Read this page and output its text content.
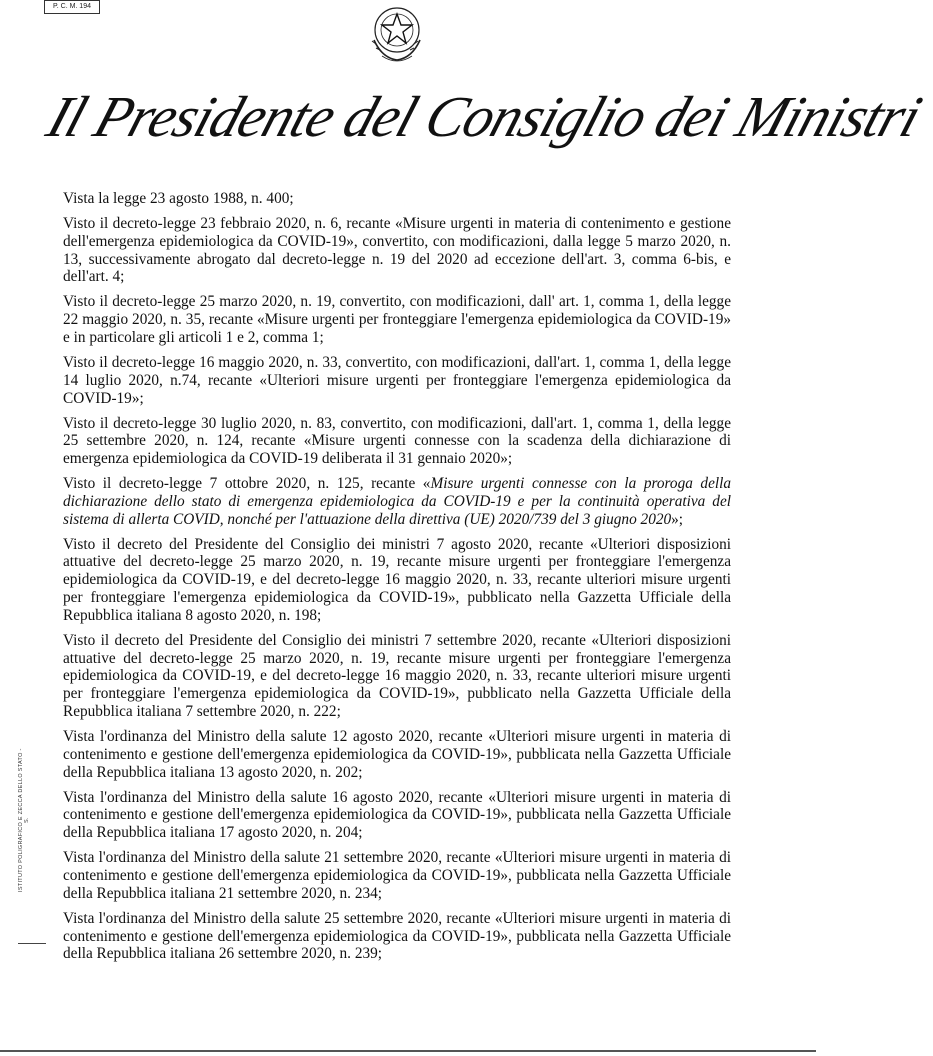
P. C. M. 194
Il Presidente del Consiglio dei Ministri
ISTITUTO POLIGRAFICO E ZECCA DELLO STATO - S.

Vista la legge 23 agosto 1988, n. 400;

Visto il decreto-legge 23 febbraio 2020, n. 6, recante «Misure urgenti in materia di contenimento e gestione dell'emergenza epidemiologica da COVID-19», convertito, con modificazioni, dalla legge 5 marzo 2020, n. 13, successivamente abrogato dal decreto-legge n. 19 del 2020 ad eccezione dell'art. 3, comma 6-bis, e dell'art. 4;

Visto il decreto-legge 25 marzo 2020, n. 19, convertito, con modificazioni, dall' art. 1, comma 1, della legge 22 maggio 2020, n. 35, recante «Misure urgenti per fronteggiare l'emergenza epidemiologica da COVID-19» e in particolare gli articoli 1 e 2, comma 1;

Visto il decreto-legge 16 maggio 2020, n. 33, convertito, con modificazioni, dall'art. 1, comma 1, della legge 14 luglio 2020, n.74, recante «Ulteriori misure urgenti per fronteggiare l'emergenza epidemiologica da COVID-19»;

Visto il decreto-legge 30 luglio 2020, n. 83, convertito, con modificazioni, dall'art. 1, comma 1, della legge 25 settembre 2020, n. 124, recante «Misure urgenti connesse con la scadenza della dichiarazione di emergenza epidemiologica da COVID-19 deliberata il 31 gennaio 2020»;

Visto il decreto-legge 7 ottobre 2020, n. 125, recante «Misure urgenti connesse con la proroga della dichiarazione dello stato di emergenza epidemiologica da COVID-19 e per la continuità operativa del sistema di allerta COVID, nonché per l'attuazione della direttiva (UE) 2020/739 del 3 giugno 2020»;

Visto il decreto del Presidente del Consiglio dei ministri 7 agosto 2020, recante «Ulteriori disposizioni attuative del decreto-legge 25 marzo 2020, n. 19, recante misure urgenti per fronteggiare l'emergenza epidemiologica da COVID-19, e del decreto-legge 16 maggio 2020, n. 33, recante ulteriori misure urgenti per fronteggiare l'emergenza epidemiologica da COVID-19», pubblicato nella Gazzetta Ufficiale della Repubblica italiana 8 agosto 2020, n. 198;

Visto il decreto del Presidente del Consiglio dei ministri 7 settembre 2020, recante «Ulteriori disposizioni attuative del decreto-legge 25 marzo 2020, n. 19, recante misure urgenti per fronteggiare l'emergenza epidemiologica da COVID-19, e del decreto-legge 16 maggio 2020, n. 33, recante ulteriori misure urgenti per fronteggiare l'emergenza epidemiologica da COVID-19», pubblicato nella Gazzetta Ufficiale della Repubblica italiana 7 settembre 2020, n. 222;

Vista l'ordinanza del Ministro della salute 12 agosto 2020, recante «Ulteriori misure urgenti in materia di contenimento e gestione dell'emergenza epidemiologica da COVID-19», pubblicata nella Gazzetta Ufficiale della Repubblica italiana 13 agosto 2020, n. 202;

Vista l'ordinanza del Ministro della salute 16 agosto 2020, recante «Ulteriori misure urgenti in materia di contenimento e gestione dell'emergenza epidemiologica da COVID-19», pubblicata nella Gazzetta Ufficiale della Repubblica italiana 17 agosto 2020, n. 204;

Vista l'ordinanza del Ministro della salute 21 settembre 2020, recante «Ulteriori misure urgenti in materia di contenimento e gestione dell'emergenza epidemiologica da COVID-19», pubblicata nella Gazzetta Ufficiale della Repubblica italiana 21 settembre 2020, n. 234;

Vista l'ordinanza del Ministro della salute 25 settembre 2020, recante «Ulteriori misure urgenti in materia di contenimento e gestione dell'emergenza epidemiologica da COVID-19», pubblicata nella Gazzetta Ufficiale della Repubblica italiana 26 settembre 2020, n. 239;
